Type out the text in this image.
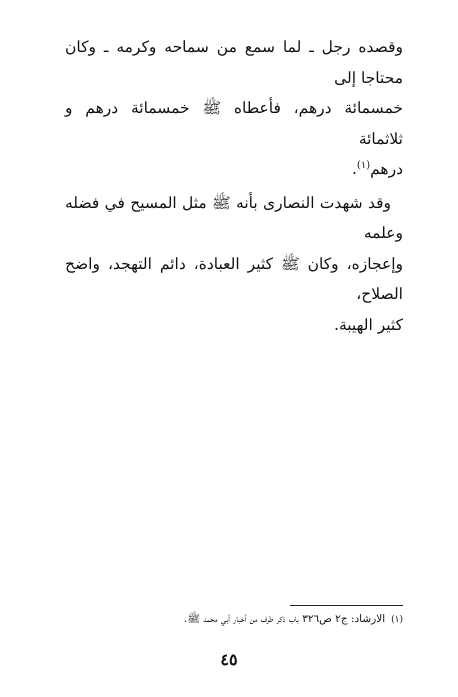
وقصده رجل ـ لما سمع من سماحه وكرمه ـ وكان محتاجا إلى
خمسمائة درهم، فأعطاه ﷺ خمسمائة درهم و ثلاثمائة
درهم$^{(١)}$.

وقد شهدت النصارى بأنه ﷺ مثل المسيح في فضله وعلمه
وإعجازه، وكان ﷺ كثير العبادة، دائم التهجد، واضح الصلاح،
كثير الهيبة.

(١)الارشاد: ج٢ ص٣٢٦ باب ذكر طرف من أخبار أبي محمد ﷺ.
٤٥
